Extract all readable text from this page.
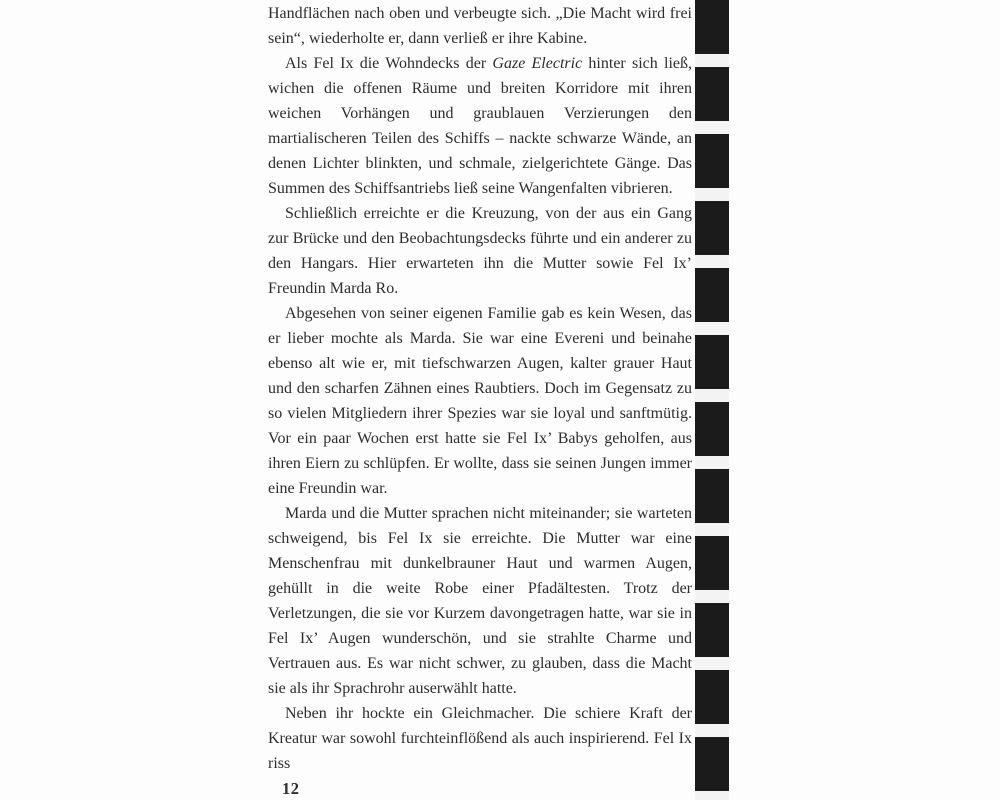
Handflächen nach oben und verbeugte sich. „Die Macht wird frei sein“, wiederholte er, dann verließ er ihre Kabine.

Als Fel Ix die Wohndecks der Gaze Electric hinter sich ließ, wichen die offenen Räume und breiten Korridore mit ihren weichen Vorhängen und graublauen Verzierungen den martialischeren Teilen des Schiffs – nackte schwarze Wände, an denen Lichter blinkten, und schmale, zielgerichtete Gänge. Das Summen des Schiffsantriebs ließ seine Wangenfalten vibrieren.

Schließlich erreichte er die Kreuzung, von der aus ein Gang zur Brücke und den Beobachtungsdecks führte und ein anderer zu den Hangars. Hier erwarteten ihn die Mutter sowie Fel Ix’ Freundin Marda Ro.

Abgesehen von seiner eigenen Familie gab es kein Wesen, das er lieber mochte als Marda. Sie war eine Evereni und beinahe ebenso alt wie er, mit tiefschwarzen Augen, kalter grauer Haut und den scharfen Zähnen eines Raubtiers. Doch im Gegensatz zu so vielen Mitgliedern ihrer Spezies war sie loyal und sanftmütig. Vor ein paar Wochen erst hatte sie Fel Ix’ Babys geholfen, aus ihren Eiern zu schlüpfen. Er wollte, dass sie seinen Jungen immer eine Freundin war.

Marda und die Mutter sprachen nicht miteinander; sie warteten schweigend, bis Fel Ix sie erreichte. Die Mutter war eine Menschenfrau mit dunkelbrauner Haut und warmen Augen, gehüllt in die weite Robe einer Pfadältesten. Trotz der Verletzungen, die sie vor Kurzem davongetragen hatte, war sie in Fel Ix’ Augen wunderschön, und sie strahlte Charme und Vertrauen aus. Es war nicht schwer, zu glauben, dass die Macht sie als ihr Sprachrohr auserwählt hatte.

Neben ihr hockte ein Gleichmacher. Die schiere Kraft der Kreatur war sowohl furchteinflößend als auch inspirierend. Fel Ix riss

12
